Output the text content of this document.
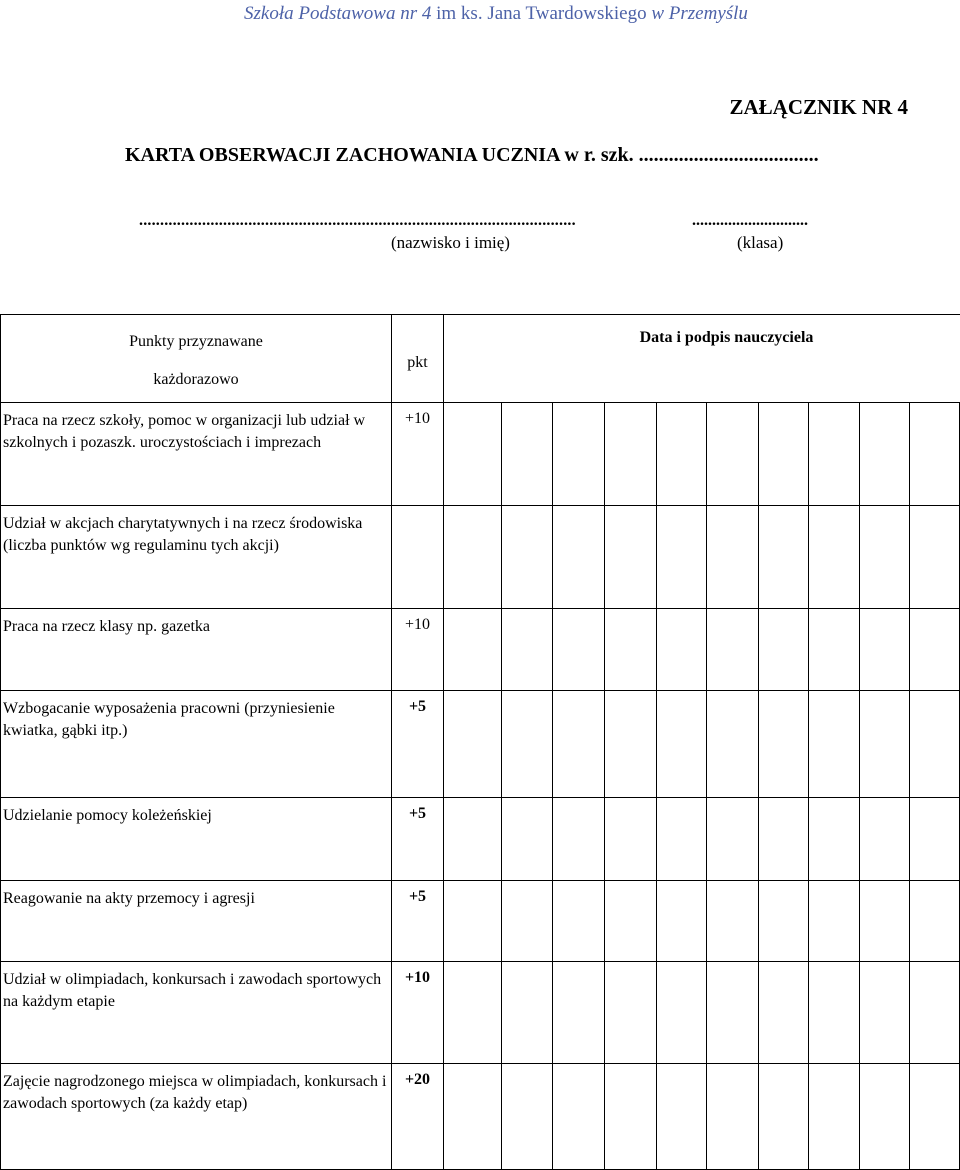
Szkoła Podstawowa nr 4 im ks. Jana Twardowskiego w Przemyślu
ZAŁĄCZNIK NR 4
KARTA OBSERWACJI ZACHOWANIA UCZNIA w r. szk. ....................................
........................................................................................................	.............................
(nazwisko i imię)	(klasa)
Punkty przyznawane
każdorazowo	pkt	Data i podpis nauczyciela										
Praca na rzecz szkoły, pomoc w organizacji lub udział w szkolnych i pozaszk. uroczystościach i imprezach	+10											
Udział w akcjach charytatywnych i na rzecz środowiska (liczba punktów wg regulaminu tych akcji)												
Praca na rzecz klasy np. gazetka	+10											
Wzbogacanie wyposażenia pracowni (przyniesienie kwiatka, gąbki itp.)	+5											
Udzielanie pomocy koleżeńskiej	+5											
Reagowanie na akty przemocy i agresji	+5											
Udział w olimpiadach, konkursach i zawodach sportowych na każdym etapie	+10											
Zajęcie nagrodzonego miejsca w olimpiadach, konkursach i zawodach sportowych (za każdy etap)	+20											
